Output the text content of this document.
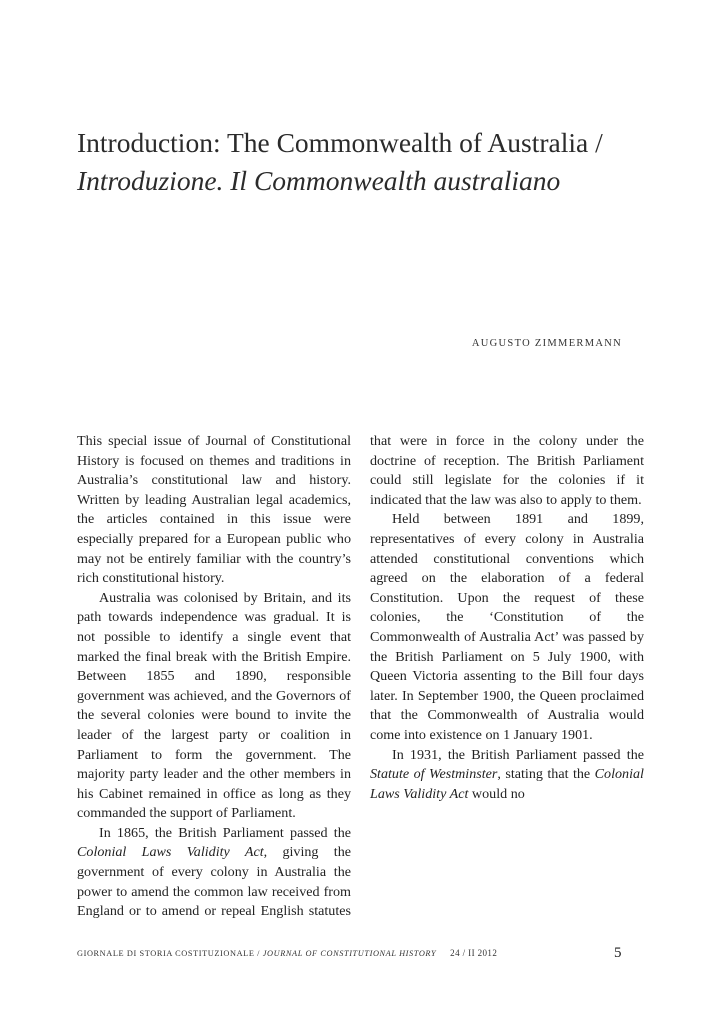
Introduction: The Commonwealth of Australia /
Introduzione. Il Commonwealth australiano
AUGUSTO ZIMMERMANN

This special issue of Journal of Constitutional History is focused on themes and traditions in Australia’s constitutional law and history. Written by leading Australian legal academics, the articles contained in this issue were especially prepared for a European public who may not be entirely familiar with the country’s rich constitutional history.

Australia was colonised by Britain, and its path towards independence was gradual. It is not possible to identify a single event that marked the final break with the British Empire. Between 1855 and 1890, responsible government was achieved, and the Governors of the several colonies were bound to invite the leader of the largest party or coalition in Parliament to form the government. The majority party leader and the other members in his Cabinet remained in office as long as they commanded the support of Parliament.

In 1865, the British Parliament passed the Colonial Laws Validity Act, giving the government of every colony in Australia the power to amend the common law received from England or to amend or repeal English statutes

that were in force in the colony under the doctrine of reception. The British Parliament could still legislate for the colonies if it indicated that the law was also to apply to them.

Held between 1891 and 1899, representatives of every colony in Australia attended constitutional conventions which agreed on the elaboration of a federal Constitution. Upon the request of these colonies, the ‘Constitution of the Commonwealth of Australia Act’ was passed by the British Parliament on 5 July 1900, with Queen Victoria assenting to the Bill four days later. In September 1900, the Queen proclaimed that the Commonwealth of Australia would come into existence on 1 January 1901.

In 1931, the British Parliament passed the Statute of Westminster, stating that the Colonial Laws Validity Act would no

GIORNALE DI STORIA COSTITUZIONALE / JOURNAL OF CONSTITUTIONAL HISTORY 24 / II 2012	5
